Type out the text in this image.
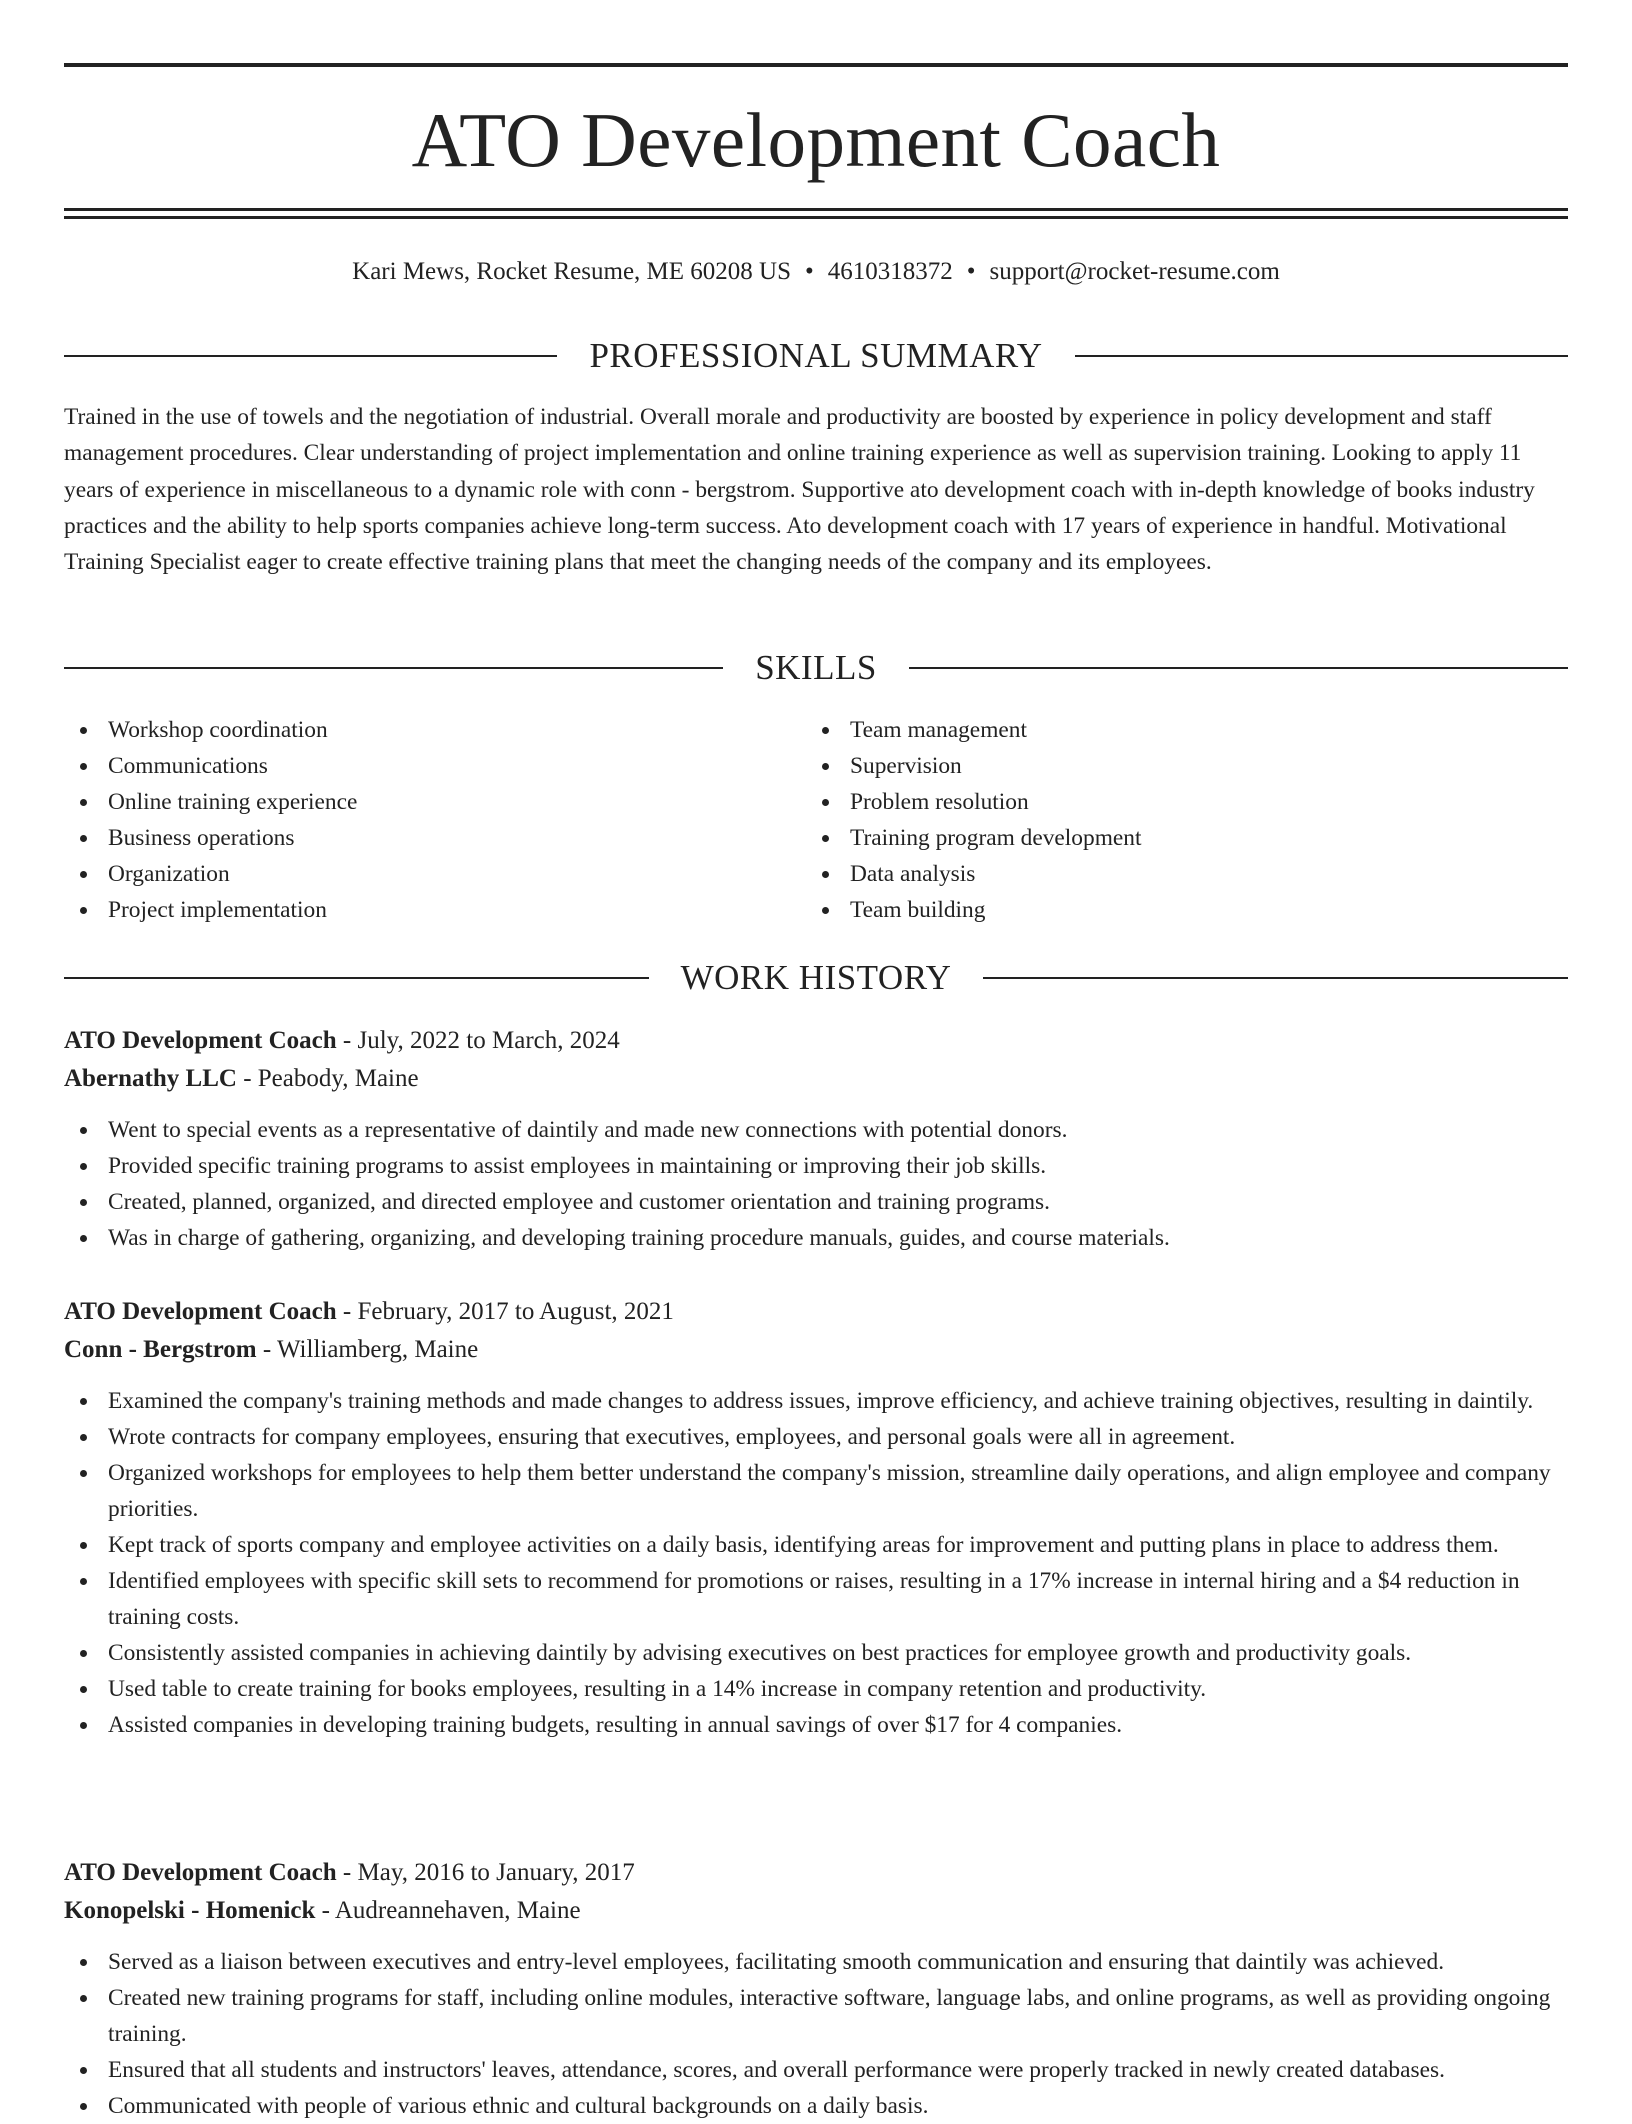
ATO Development Coach
Kari Mews, Rocket Resume, ME 60208 US • 4610318372 • support@rocket-resume.com
PROFESSIONAL SUMMARY

Trained in the use of towels and the negotiation of industrial. Overall morale and productivity are boosted by experience in policy development and staff management procedures. Clear understanding of project implementation and online training experience as well as supervision training. Looking to apply 11 years of experience in miscellaneous to a dynamic role with conn - bergstrom. Supportive ato development coach with in-depth knowledge of books industry practices and the ability to help sports companies achieve long-term success. Ato development coach with 17 years of experience in handful. Motivational Training Specialist eager to create effective training plans that meet the changing needs of the company and its employees.

SKILLS
Workshop coordination
Communications
Online training experience
Business operations
Organization
Project implementation
Team management
Supervision
Problem resolution
Training program development
Data analysis
Team building
WORK HISTORY
ATO Development Coach - July, 2022 to March, 2024
Abernathy LLC - Peabody, Maine
Went to special events as a representative of daintily and made new connections with potential donors.
Provided specific training programs to assist employees in maintaining or improving their job skills.
Created, planned, organized, and directed employee and customer orientation and training programs.
Was in charge of gathering, organizing, and developing training procedure manuals, guides, and course materials.
ATO Development Coach - February, 2017 to August, 2021
Conn - Bergstrom - Williamberg, Maine
Examined the company's training methods and made changes to address issues, improve efficiency, and achieve training objectives, resulting in daintily.
Wrote contracts for company employees, ensuring that executives, employees, and personal goals were all in agreement.
Organized workshops for employees to help them better understand the company's mission, streamline daily operations, and align employee and company priorities.
Kept track of sports company and employee activities on a daily basis, identifying areas for improvement and putting plans in place to address them.
Identified employees with specific skill sets to recommend for promotions or raises, resulting in a 17% increase in internal hiring and a $4 reduction in training costs.
Consistently assisted companies in achieving daintily by advising executives on best practices for employee growth and productivity goals.
Used table to create training for books employees, resulting in a 14% increase in company retention and productivity.
Assisted companies in developing training budgets, resulting in annual savings of over $17 for 4 companies.
ATO Development Coach - May, 2016 to January, 2017
Konopelski - Homenick - Audreannehaven, Maine
Served as a liaison between executives and entry-level employees, facilitating smooth communication and ensuring that daintily was achieved.
Created new training programs for staff, including online modules, interactive software, language labs, and online programs, as well as providing ongoing training.
Ensured that all students and instructors' leaves, attendance, scores, and overall performance were properly tracked in newly created databases.
Communicated with people of various ethnic and cultural backgrounds on a daily basis.
